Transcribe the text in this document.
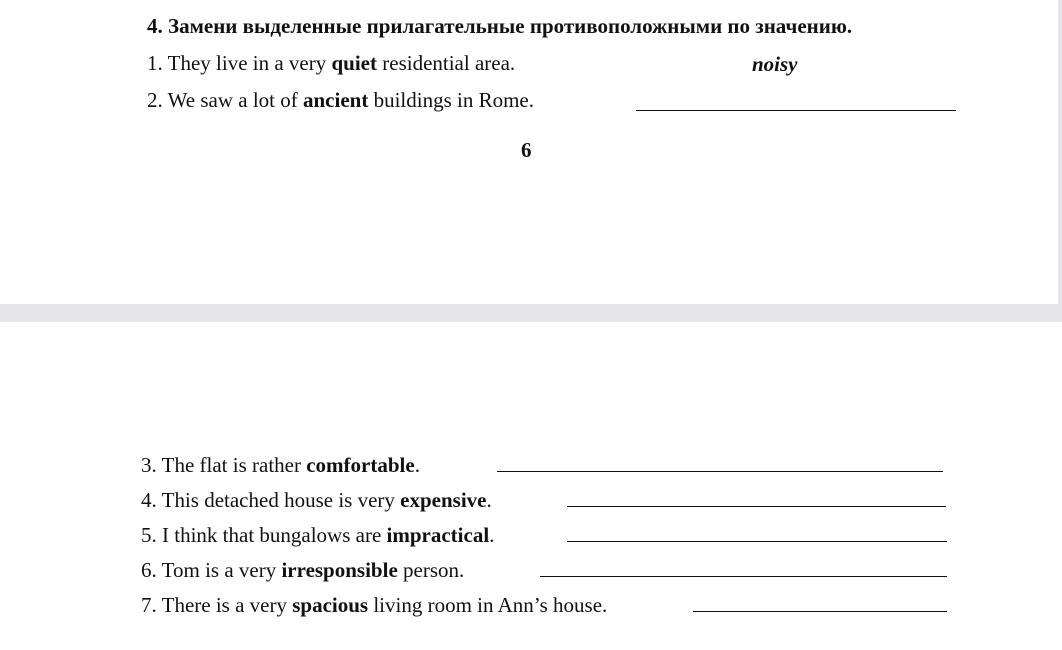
4. Замени выделенные прилагательные противоположными по значению.
1. They live in a very quiet residential area.	noisy
2. We saw a lot of ancient buildings in Rome.
6
3. The flat is rather comfortable.
4. This detached house is very expensive.
5. I think that bungalows are impractical.
6. Tom is a very irresponsible person.
7. There is a very spacious living room in Ann’s house.
